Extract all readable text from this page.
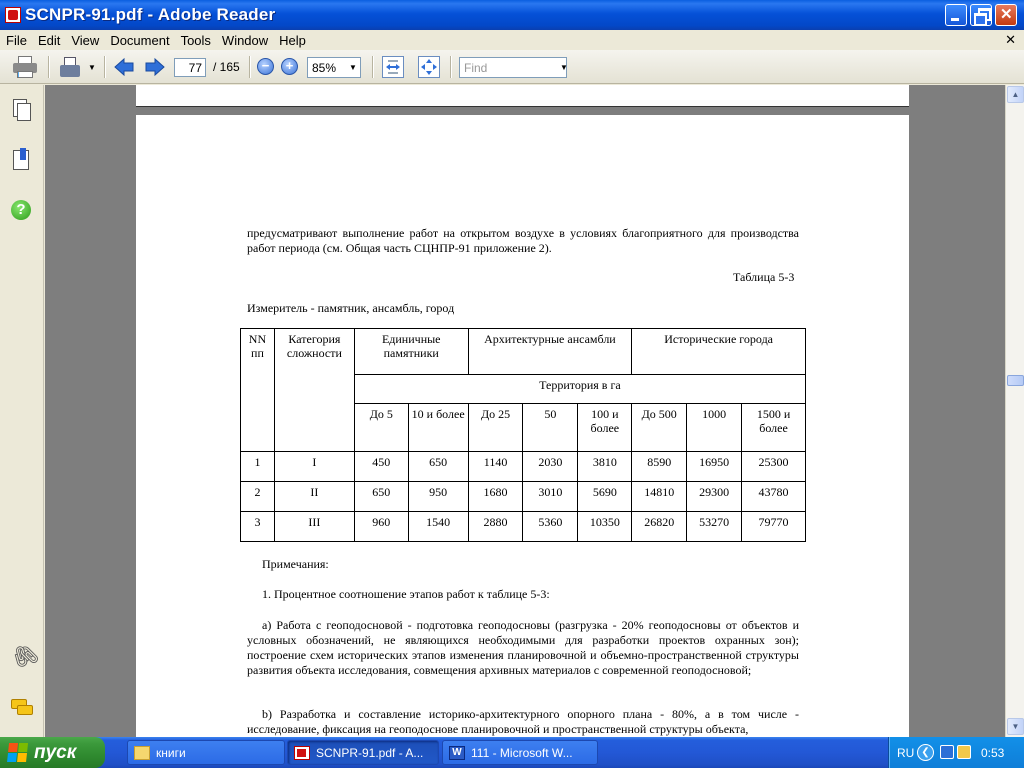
SCNPR-91.pdf - Adobe Reader
✕
File Edit View Document Tools Window Help	✕
▼	77 / 165	−	+	85%	▼	Find	▼
?
🖇

предусматривают выполнение работ на открытом воздухе в условиях благоприятного для производства работ периода (см. Общая часть СЦНПР-91 приложение 2).

Таблица 5-3
Измеритель - памятник, ансамбль, город
NN пп	Категория сложности	Единичные памятники		Архитектурные ансамбли			Исторические города		
		Территория в га							
		До 5	10 и более	До 25	50	100 и более	До 500	1000	1500 и более
1	I	450	650	1140	2030	3810	8590	16950	25300
2	II	650	950	1680	3010	5690	14810	29300	43780
3	III	960	1540	2880	5360	10350	26820	53270	79770

Примечания:

1. Процентное соотношение этапов работ к таблице 5-3:

а) Работа с геоподосновой - подготовка геоподосновы (разгрузка - 20% геоподосновы от объектов и условных обозначений, не являющихся необходимыми для разработки проектов охранных зон); построение схем исторических этапов изменения планировочной и объемно-пространственной структуры развития объекта исследования, совмещения архивных материалов с современной геоподосновой;

b) Разработка и составление историко-архитектурного опорного плана - 80%, а в том числе - исследование, фиксация на геоподоснове планировочной и пространственной структуры объекта,

▲
▼
пуск	книги	SCNPR-91.pdf - A...	W 111 - Microsoft W...	RU ❮	0:53
